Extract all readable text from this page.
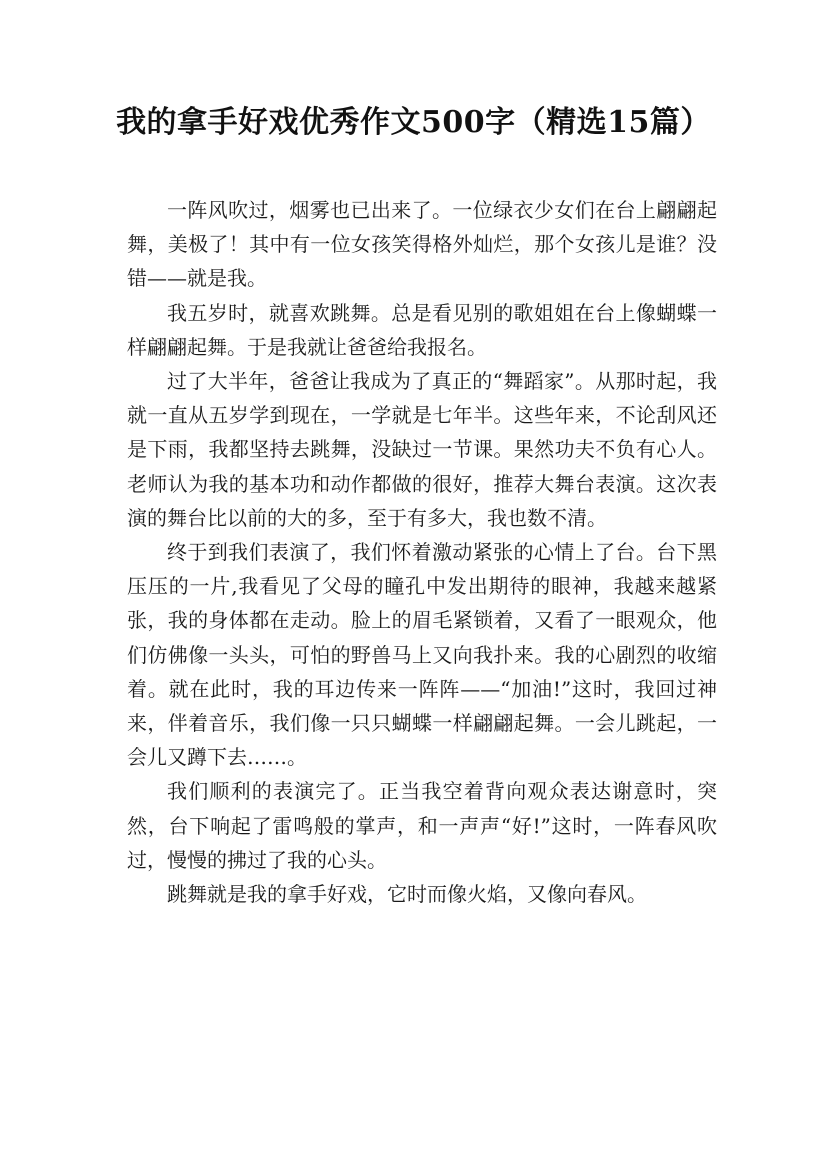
我的拿手好戏优秀作文500字（精选15篇）

一阵风吹过，烟雾也已出来了。一位绿衣少女们在台上翩翩起舞，美极了！其中有一位女孩笑得格外灿烂，那个女孩儿是谁？没错——就是我。

我五岁时，就喜欢跳舞。总是看见别的歌姐姐在台上像蝴蝶一样翩翩起舞。于是我就让爸爸给我报名。

过了大半年，爸爸让我成为了真正的“舞蹈家”。从那时起，我就一直从五岁学到现在，一学就是七年半。这些年来，不论刮风还是下雨，我都坚持去跳舞，没缺过一节课。果然功夫不负有心人。老师认为我的基本功和动作都做的很好，推荐大舞台表演。这次表演的舞台比以前的大的多，至于有多大，我也数不清。

终于到我们表演了，我们怀着激动紧张的心情上了台。台下黑压压的一片,我看见了父母的瞳孔中发出期待的眼神，我越来越紧张，我的身体都在走动。脸上的眉毛紧锁着，又看了一眼观众，他们仿佛像一头头，可怕的野兽马上又向我扑来。我的心剧烈的收缩着。就在此时，我的耳边传来一阵阵——“加油!”这时，我回过神来，伴着音乐，我们像一只只蝴蝶一样翩翩起舞。一会儿跳起，一会儿又蹲下去……。

我们顺利的表演完了。正当我空着背向观众表达谢意时，突然，台下响起了雷鸣般的掌声，和一声声“好!”这时，一阵春风吹过，慢慢的拂过了我的心头。

跳舞就是我的拿手好戏，它时而像火焰，又像向春风。
